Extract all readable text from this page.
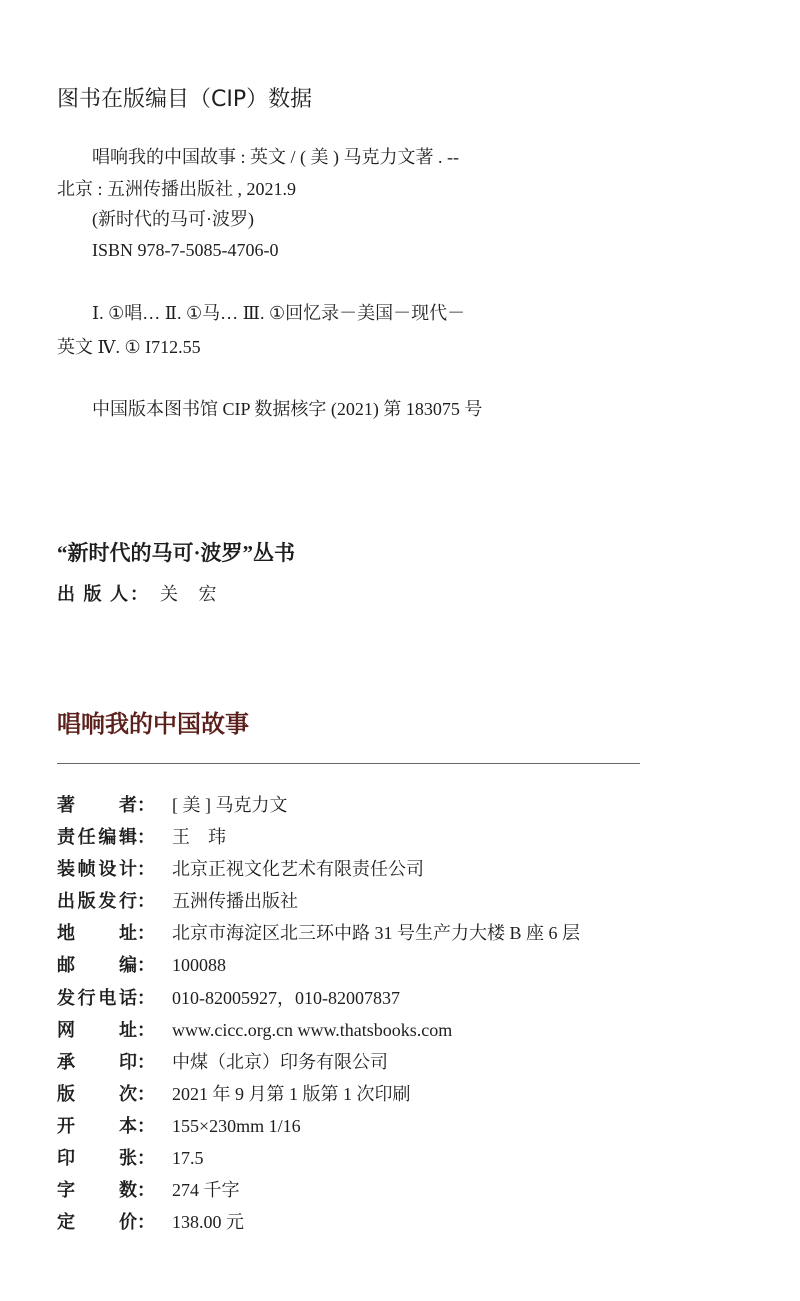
图书在版编目（CIP）数据
唱响我的中国故事 : 英文 / ( 美 ) 马克力文著 . --
北京 : 五洲传播出版社 , 2021.9
(新时代的马可·波罗)
ISBN 978-7-5085-4706-0
Ⅰ. ①唱… Ⅱ. ①马… Ⅲ. ①回忆录－美国－现代－
英文 Ⅳ. ① I712.55
中国版本图书馆 CIP 数据核字 (2021) 第 183075 号
“新时代的马可·波罗”丛书
出 版 人： 关 宏
唱响我的中国故事
著者： [ 美 ] 马克力文
责任编辑： 王　玮
装帧设计： 北京正视文化艺术有限责任公司
出版发行： 五洲传播出版社
地址： 北京市海淀区北三环中路 31 号生产力大楼 B 座 6 层
邮编： 100088
发行电话： 010-82005927，010-82007837
网址： www.cicc.org.cn www.thatsbooks.com
承印： 中煤（北京）印务有限公司
版次： 2021 年 9 月第 1 版第 1 次印刷
开本： 155×230mm 1/16
印张： 17.5
字数： 274 千字
定价： 138.00 元
